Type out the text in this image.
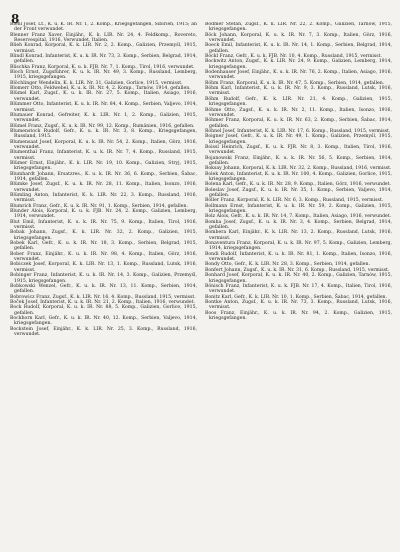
8

Blehl Josef, Lt., K. u. K. IR. Nr. 1, 2. Komp., Kriegsgefangen, Sibirien, 1915; an der Front verwundet.

Blenner Franz Xaver, Einjähr., K. k. LIR. Nr. 24, 4. Feldkomp., Rovereto, Reservespital, 1916, Verwundet, Italien.

Blieh Konrad, Korporal, K. k. LIR. Nr. 2, 2. Komp., Galizien, Przemyśl, 1915, vermisst.

Blindl Konrad, Infanterist, K. u. k. IR. Nr. 73, 3. Komp., Serbien, Belgrad, 1914, gefallen.

Blischka Franz, Korporal, K. u. k. FJB. Nr. 7, 1. Komp., Tirol, 1916, verwundet.

Bloch Ernst, Zugsführer, K. u. k. IR. Nr. 49, 3. Komp., Russland, Lemberg, 1915, kriegsgefangen.

Blöchlinger Wendelin, K. k. LIR. Nr. 31, Galizien, Gorlice, 1915, vermisst.

Blomerr Otto, Feldwebel, K. u. k. IR. Nr. 4, 2. Komp., Tarnów, 1914, gefallen.

Blümel Karl, Zugsf., K. u. k. IR. Nr. 27, 5. Komp., Italien, Asiago, 1916, verwundet.

Blümmer Otto, Infanterist, K. u. k. IR. Nr. 84, 4. Komp., Serbien, Valjevo, 1914, vermisst.

Blumauer Konrad, Gefreiter, K. k. LIR. Nr. 1, 2. Komp., Galizien, 1915, verwundet.

Blümel Franz, Zugsf., K. u. k. IR. Nr. 99, 12. Komp., Rumänien, 1916, gefallen.

Blumenstock Rudolf, Gefr., K. u. k. IR. Nr. 3, 8. Komp., Kriegsgefangen, Russland, 1915.

Blumensaat Josef, Korporal, K. u. k. IR. Nr. 54, 2. Komp., Italien, Görz, 1916, verwundet.

Blumenthal Franz, Infanterist, K. u. k. IR. Nr. 7, 4. Komp., Russland, 1915, vermisst.

Blümer Ernst, Einjähr., K. k. LIR. Nr. 19, 10. Komp., Galizien, Stryj, 1915, kriegsgefangen.

Blumhardt Johann, Ersatzres., K. u. k. IR. Nr. 36, 6. Komp., Serbien, Šabac, 1914, gefallen.

Blümke Josef, Zugsf., K. u. k. IR. Nr. 28, 11. Komp., Italien, Isonzo, 1916, verwundet.

Blümling Anton, Infanterist, K. k. LIR. Nr. 22, 3. Komp., Russland, 1916, vermisst.

Blumrich Franz, Gefr., K. u. k. IR. Nr. 91, 1. Komp., Serbien, 1914, gefallen.

Blunder Alois, Korporal, K. u. k. FJB. Nr. 24, 2. Komp., Galizien, Lemberg, 1914, verwundet.

Blut Emil, Infanterist, K. u. k. IR. Nr. 75, 9. Komp., Italien, Tirol, 1916, vermisst.

Bobak Johann, Zugsf., K. k. LIR. Nr. 32, 2. Komp., Galizien, 1915, kriegsgefangen.

Bobek Karl, Gefr., K. u. k. IR. Nr. 18, 3. Komp., Serbien, Belgrad, 1915, gefallen.

Bober Franz, Einjähr., K. u. k. IR. Nr. 98, 4. Komp., Italien, Görz, 1916, verwundet.

Bobiczek Josef, Korporal, K. k. LIR. Nr. 13, 1. Komp., Russland, Lutsk, 1916, vermisst.

Bobinger Franz, Infanterist, K. u. k. IR. Nr. 14, 3. Komp., Galizien, Przemyśl, 1915, kriegsgefangen.

Bobkowski Wenzel, Gefr., K. u. k. IR. Nr. 13, 11. Komp., Serbien, 1914, gefallen.

Bobrowicz Franz, Zugsf., K. k. LIR. Nr. 16, 4. Komp., Russland, 1915, vermisst.

Boček Josef, Infanterist, K. u. k. IR. Nr. 21, 2. Komp., Italien, 1916, verwundet.

Bock Rudolf, Korporal, K. u. k. IR. Nr. 88, 5. Komp., Galizien, Gorlice, 1915, gefallen.

Bockhorn Karl, Gefr., K. u. k. IR. Nr. 40, 12. Komp., Serbien, Valjevo, 1914, kriegsgefangen.

Bockstein Josef, Einjähr., K. k. LIR. Nr. 25, 3. Komp., Russland, 1916, verwundet.

Bodmer Stefan, Zugsf., K. k. LIR. Nr. 22, 2. Komp., Galizien, Tarnów, 1915, kriegsgefangen.

Böck Johann, Korporal, K. u. k. IR. Nr. 7, 3. Komp., Italien, Görz, 1916, verwundet.

Boeck Emil, Infanterist, K. u. k. IR. Nr. 14, 1. Komp., Serbien, Belgrad, 1914, gefallen.

Böckl Franz, Gefr., K. u. k. FJB. Nr. 10, 4. Komp., Russland, 1915, vermisst.

Bockwitz Anton, Zugsf., K. k. LIR. Nr. 24, 9. Komp., Galizien, Lemberg, 1914, kriegsgefangen.

Bodenhauser Josef, Einjähr., K. u. k. IR. Nr. 76, 2. Komp., Italien, Asiago, 1916, verwundet.

Böhm Franz, Korporal, K. u. k. IR. Nr. 47, 5. Komp., Serbien, 1914, gefallen.

Böhm Karl, Infanterist, K. u. k. IR. Nr. 9, 3. Komp., Russland, Lutsk, 1916, vermisst.

Böhm Rudolf, Gefr., K. k. LIR. Nr. 21, 4. Komp., Galizien, 1915, kriegsgefangen.

Böhme Otto, Zugsf., K. u. k. IR. Nr. 2, 11. Komp., Italien, Isonzo, 1916, verwundet.

Böhmer Franz, Korporal, K. u. k. IR. Nr. 63, 2. Komp., Serbien, Šabac, 1914, gefallen.

Böhnel Josef, Infanterist, K. k. LIR. Nr. 17, 6. Komp., Russland, 1915, vermisst.

Boigner Josef, Gefr., K. u. k. IR. Nr. 49, 1. Komp., Galizien, Przemyśl, 1915, kriegsgefangen.

Boissl Heinrich, Zugsf., K. u. k. FJB. Nr. 8, 3. Komp., Italien, Tirol, 1916, verwundet.

Bojanowski Franz, Einjähr., K. u. k. IR. Nr. 56, 5. Komp., Serbien, 1914, gefallen.

Boksay Johann, Korporal, K. k. LIR. Nr. 32, 2. Komp., Russland, 1916, vermisst.

Bolek Anton, Infanterist, K. u. k. IR. Nr. 100, 4. Komp., Galizien, Gorlice, 1915, kriegsgefangen.

Bolena Karl, Gefr., K. u. k. IR. Nr. 28, 9. Komp., Italien, Görz, 1916, verwundet.

Boleslav Josef, Zugsf., K. u. k. IR. Nr. 35, 1. Komp., Serbien, Valjevo, 1914, gefallen.

Böller Franz, Korporal, K. k. LIR. Nr. 6, 3. Komp., Russland, 1915, vermisst.

Bollmann Ernst, Infanterist, K. u. k. IR. Nr. 59, 2. Komp., Galizien, 1915, kriegsgefangen.

Bolz Alois, Gefr., K. u. k. IR. Nr. 14, 7. Komp., Italien, Asiago, 1916, verwundet.

Bomba Josef, Zugsf., K. u. k. IR. Nr. 3, 4. Komp., Serbien, Belgrad, 1914, gefallen.

Bombera Karl, Einjähr., K. k. LIR. Nr. 13, 2. Komp., Russland, Lutsk, 1916, vermisst.

Bonaventura Franz, Korporal, K. u. k. IR. Nr. 97, 5. Komp., Galizien, Lemberg, 1914, kriegsgefangen.

Bondi Rudolf, Infanterist, K. u. k. IR. Nr. 81, 1. Komp., Italien, Isonzo, 1916, verwundet.

Bondy Otto, Gefr., K. k. LIR. Nr. 28, 3. Komp., Serbien, 1914, gefallen.

Bonfert Johann, Zugsf., K. u. k. IR. Nr. 31, 6. Komp., Russland, 1915, vermisst.

Bonhard Josef, Korporal, K. u. k. IR. Nr. 40, 2. Komp., Galizien, Tarnów, 1915, kriegsgefangen.

Bönisch Franz, Infanterist, K. u. k. FJB. Nr. 17, 4. Komp., Italien, Tirol, 1916, verwundet.

Bonitz Karl, Gefr., K. k. LIR. Nr. 10, 1. Komp., Serbien, Šabac, 1914, gefallen.

Bontke Anton, Zugsf., K. u. k. IR. Nr. 73, 3. Komp., Russland, Lutsk, 1916, vermisst.

Boos Franz, Einjähr., K. u. k. IR. Nr. 94, 2. Komp., Galizien, 1915, kriegsgefangen.
